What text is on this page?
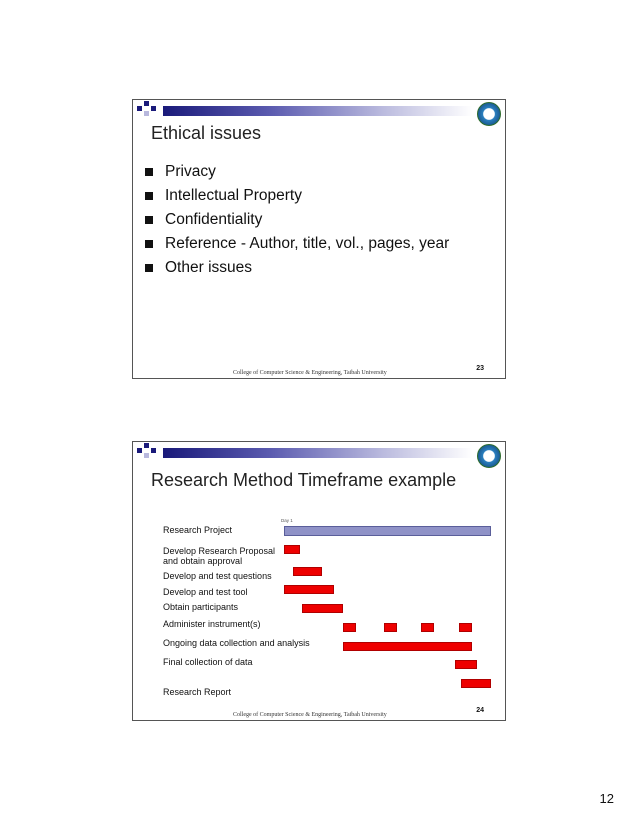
Ethical issues
Privacy
Intellectual Property
Confidentiality
Reference - Author, title, vol., pages, year
Other issues
23
College of Computer Science & Engineering, Taibah University
Research Method Timeframe example
Day 1
Research Project
Develop Research Proposal and obtain approval
Develop and test questions
Develop and test tool
Obtain participants
Administer instrument(s)
Ongoing data collection and analysis
Final collection of data
Research Report
24
College of Computer Science & Engineering, Taibah University
12
